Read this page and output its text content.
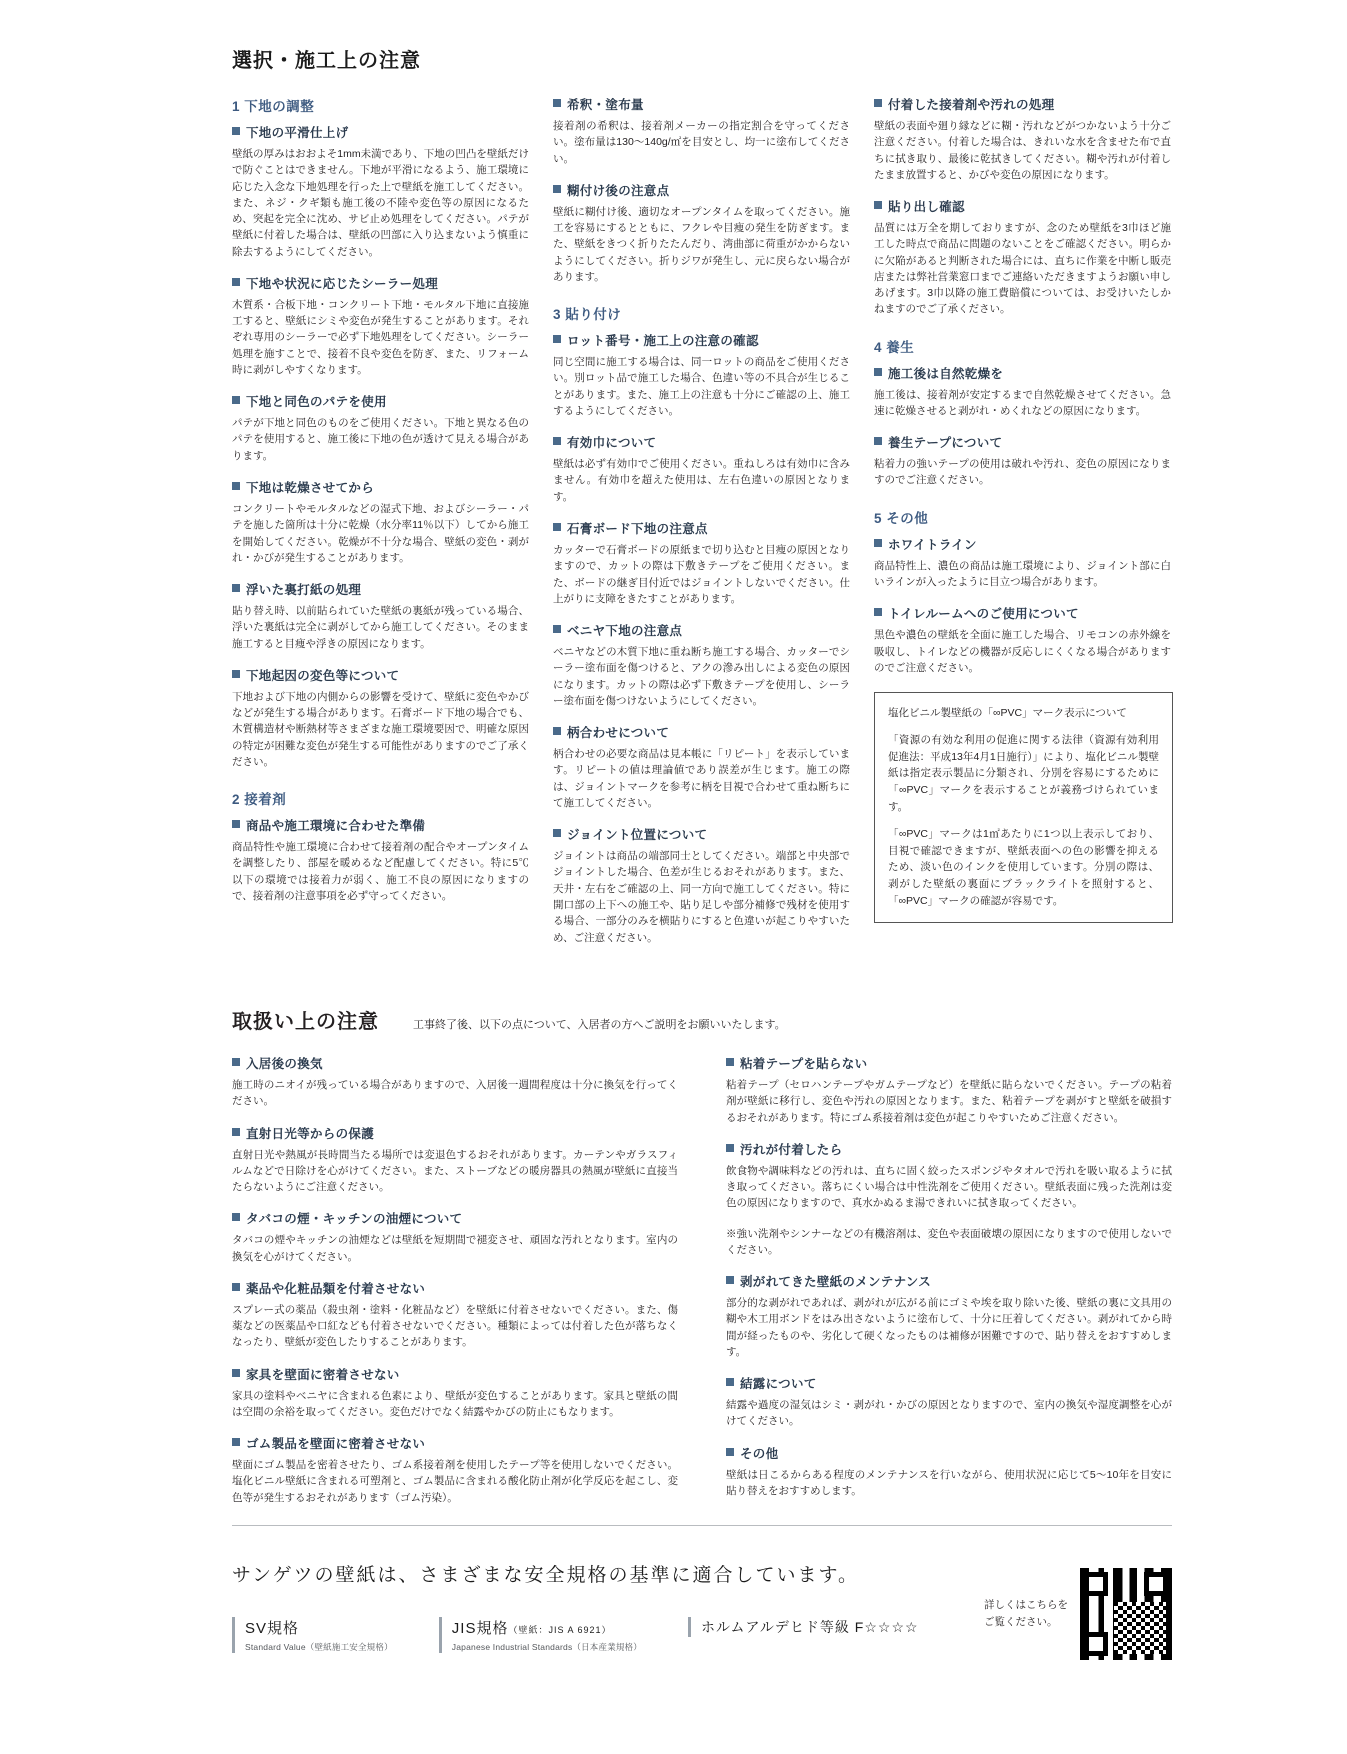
選択・施工上の注意
1 下地の調整
下地の平滑仕上げ

壁紙の厚みはおおよそ1mm未満であり、下地の凹凸を壁紙だけで防ぐことはできません。下地が平滑になるよう、施工環境に応じた入念な下地処理を行った上で壁紙を施工してください。また、ネジ・クギ類も施工後の不陸や変色等の原因になるため、突起を完全に沈め、サビ止め処理をしてください。パテが壁紙に付着した場合は、壁紙の凹部に入り込まないよう慎重に除去するようにしてください。

下地や状況に応じたシーラー処理

木質系・合板下地・コンクリート下地・モルタル下地に直接施工すると、壁紙にシミや変色が発生することがあります。それぞれ専用のシーラーで必ず下地処理をしてください。シーラー処理を施すことで、接着不良や変色を防ぎ、また、リフォーム時に剥がしやすくなります。

下地と同色のパテを使用

パテが下地と同色のものをご使用ください。下地と異なる色のパテを使用すると、施工後に下地の色が透けて見える場合があります。

下地は乾燥させてから

コンクリートやモルタルなどの湿式下地、およびシーラー・パテを施した箇所は十分に乾燥（水分率11％以下）してから施工を開始してください。乾燥が不十分な場合、壁紙の変色・剥がれ・かびが発生することがあります。

浮いた裏打紙の処理

貼り替え時、以前貼られていた壁紙の裏紙が残っている場合、浮いた裏紙は完全に剥がしてから施工してください。そのまま施工すると目痩や浮きの原因になります。

下地起因の変色等について

下地および下地の内側からの影響を受けて、壁紙に変色やかびなどが発生する場合があります。石膏ボード下地の場合でも、木質構造材や断熱材等さまざまな施工環境要因で、明確な原因の特定が困難な変色が発生する可能性がありますのでご了承ください。

2 接着剤
商品や施工環境に合わせた準備

商品特性や施工環境に合わせて接着剤の配合やオープンタイムを調整したり、部屋を暖めるなど配慮してください。特に5℃以下の環境では接着力が弱く、施工不良の原因になりますので、接着剤の注意事項を必ず守ってください。

希釈・塗布量

接着剤の希釈は、接着剤メーカーの指定割合を守ってください。塗布量は130～140g/㎡を目安とし、均一に塗布してください。

糊付け後の注意点

壁紙に糊付け後、適切なオープンタイムを取ってください。施工を容易にするとともに、フクレや目痩の発生を防ぎます。また、壁紙をきつく折りたたんだり、湾曲部に荷重がかからないようにしてください。折りジワが発生し、元に戻らない場合があります。

3 貼り付け
ロット番号・施工上の注意の確認

同じ空間に施工する場合は、同一ロットの商品をご使用ください。別ロット品で施工した場合、色違い等の不具合が生じることがあります。また、施工上の注意も十分にご確認の上、施工するようにしてください。

有効巾について

壁紙は必ず有効巾でご使用ください。重ねしろは有効巾に含みません。有効巾を超えた使用は、左右色違いの原因となります。

石膏ボード下地の注意点

カッターで石膏ボードの原紙まで切り込むと目痩の原因となりますので、カットの際は下敷きテープをご使用ください。また、ボードの継ぎ目付近ではジョイントしないでください。仕上がりに支障をきたすことがあります。

ベニヤ下地の注意点

ベニヤなどの木質下地に重ね断ち施工する場合、カッターでシーラー塗布面を傷つけると、アクの滲み出しによる変色の原因になります。カットの際は必ず下敷きテープを使用し、シーラー塗布面を傷つけないようにしてください。

柄合わせについて

柄合わせの必要な商品は見本帳に「リピート」を表示しています。リピートの値は理論値であり誤差が生じます。施工の際は、ジョイントマークを参考に柄を目視で合わせて重ね断ちにて施工してください。

ジョイント位置について

ジョイントは商品の端部同士としてください。端部と中央部でジョイントした場合、色差が生じるおそれがあります。また、天井・左右をご確認の上、同一方向で施工してください。特に開口部の上下への施工や、貼り足しや部分補修で残材を使用する場合、一部分のみを横貼りにすると色違いが起こりやすいため、ご注意ください。

付着した接着剤や汚れの処理

壁紙の表面や廻り縁などに糊・汚れなどがつかないよう十分ご注意ください。付着した場合は、きれいな水を含ませた布で直ちに拭き取り、最後に乾拭きしてください。糊や汚れが付着したまま放置すると、かびや変色の原因になります。

貼り出し確認

品質には万全を期しておりますが、念のため壁紙を3巾ほど施工した時点で商品に問題のないことをご確認ください。明らかに欠陥があると判断された場合には、直ちに作業を中断し販売店または弊社営業窓口までご連絡いただきますようお願い申しあげます。3巾以降の施工費賠償については、お受けいたしかねますのでご了承ください。

4 養生
施工後は自然乾燥を

施工後は、接着剤が安定するまで自然乾燥させてください。急速に乾燥させると剥がれ・めくれなどの原因になります。

養生テープについて

粘着力の強いテープの使用は破れや汚れ、変色の原因になりますのでご注意ください。

5 その他
ホワイトライン

商品特性上、濃色の商品は施工環境により、ジョイント部に白いラインが入ったように目立つ場合があります。

トイレルームへのご使用について

黒色や濃色の壁紙を全面に施工した場合、リモコンの赤外線を吸収し、トイレなどの機器が反応しにくくなる場合がありますのでご注意ください。

塩化ビニル製壁紙の「∞PVC」マーク表示について
「資源の有効な利用の促進に関する法律（資源有効利用促進法：平成13年4月1日施行）」により、塩化ビニル製壁紙は指定表示製品に分類され、分別を容易にするために「∞PVC」マークを表示することが義務づけられています。
「∞PVC」マークは1㎡あたりに1つ以上表示しており、目視で確認できますが、壁紙表面への色の影響を抑えるため、淡い色のインクを使用しています。分別の際は、剥がした壁紙の裏面にブラックライトを照射すると、「∞PVC」マークの確認が容易です。
取扱い上の注意	工事終了後、以下の点について、入居者の方へご説明をお願いいたします。
入居後の換気

施工時のニオイが残っている場合がありますので、入居後一週間程度は十分に換気を行ってください。

直射日光等からの保護

直射日光や熱風が長時間当たる場所では変退色するおそれがあります。カーテンやガラスフィルムなどで日除けを心がけてください。また、ストーブなどの暖房器具の熱風が壁紙に直接当たらないようにご注意ください。

タバコの煙・キッチンの油煙について

タバコの煙やキッチンの油煙などは壁紙を短期間で褪変させ、頑固な汚れとなります。室内の換気を心がけてください。

薬品や化粧品類を付着させない

スプレー式の薬品（殺虫剤・塗料・化粧品など）を壁紙に付着させないでください。また、傷薬などの医薬品や口紅なども付着させないでください。種類によっては付着した色が落ちなくなったり、壁紙が変色したりすることがあります。

家具を壁面に密着させない

家具の塗料やベニヤに含まれる色素により、壁紙が変色することがあります。家具と壁紙の間は空間の余裕を取ってください。変色だけでなく結露やかびの防止にもなります。

ゴム製品を壁面に密着させない

壁面にゴム製品を密着させたり、ゴム系接着剤を使用したテープ等を使用しないでください。塩化ビニル壁紙に含まれる可塑剤と、ゴム製品に含まれる酸化防止剤が化学反応を起こし、変色等が発生するおそれがあります（ゴム汚染）。

粘着テープを貼らない

粘着テープ（セロハンテープやガムテープなど）を壁紙に貼らないでください。テープの粘着剤が壁紙に移行し、変色や汚れの原因となります。また、粘着テープを剥がすと壁紙を破損するおそれがあります。特にゴム系接着剤は変色が起こりやすいためご注意ください。

汚れが付着したら

飲食物や調味料などの汚れは、直ちに固く絞ったスポンジやタオルで汚れを吸い取るように拭き取ってください。落ちにくい場合は中性洗剤をご使用ください。壁紙表面に残った洗剤は変色の原因になりますので、真水かぬるま湯できれいに拭き取ってください。

※強い洗剤やシンナーなどの有機溶剤は、変色や表面破壊の原因になりますので使用しないでください。

剥がれてきた壁紙のメンテナンス

部分的な剥がれであれば、剥がれが広がる前にゴミや埃を取り除いた後、壁紙の裏に文具用の糊や木工用ボンドをはみ出さないように塗布して、十分に圧着してください。剥がれてから時間が経ったものや、劣化して硬くなったものは補修が困難ですので、貼り替えをおすすめします。

結露について

結露や過度の湿気はシミ・剥がれ・かびの原因となりますので、室内の換気や湿度調整を心がけてください。

その他

壁紙は日こるからある程度のメンテナンスを行いながら、使用状況に応じて5～10年を目安に貼り替えをおすすめします。

サンゲツの壁紙は、さまざまな安全規格の基準に適合しています。
SV規格
Standard Value（壁紙施工安全規格）
JIS規格（壁紙：JIS A 6921）
Japanese Industrial Standards（日本産業規格）
ホルムアルデヒド等級 F☆☆☆☆
詳しくはこちらを
ご覧ください。
